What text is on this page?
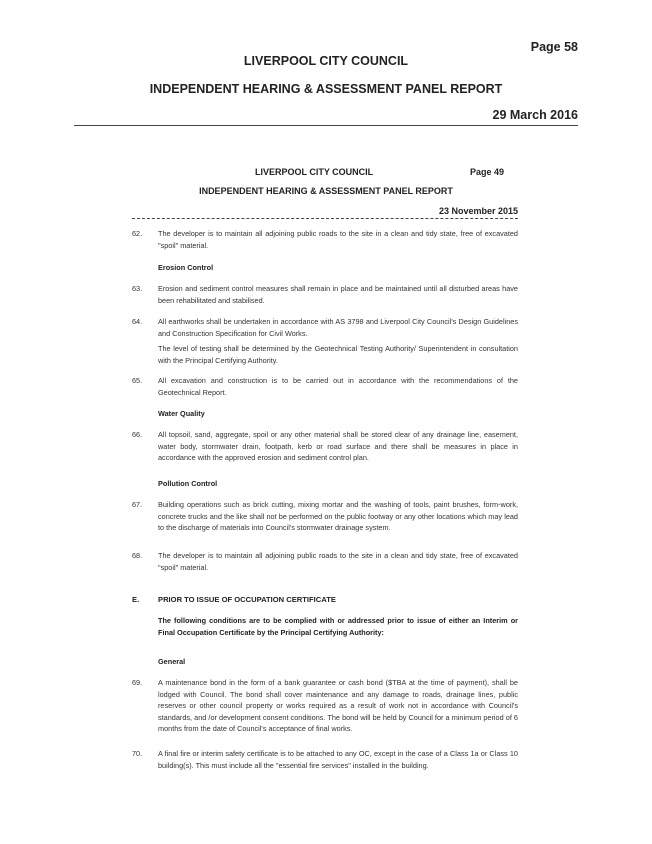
Page 58
LIVERPOOL CITY COUNCIL
INDEPENDENT HEARING & ASSESSMENT PANEL REPORT
29 March 2016
LIVERPOOL CITY COUNCIL	Page 49
INDEPENDENT HEARING & ASSESSMENT PANEL REPORT
23 November 2015
62. The developer is to maintain all adjoining public roads to the site in a clean and tidy state, free of excavated "spoil" material.
Erosion Control
63. Erosion and sediment control measures shall remain in place and be maintained until all disturbed areas have been rehabilitated and stabilised.
64. All earthworks shall be undertaken in accordance with AS 3798 and Liverpool City Council's Design Guidelines and Construction Specification for Civil Works.
The level of testing shall be determined by the Geotechnical Testing Authority/ Superintendent in consultation with the Principal Certifying Authority.
65. All excavation and construction is to be carried out in accordance with the recommendations of the Geotechnical Report.
Water Quality
66. All topsoil, sand, aggregate, spoil or any other material shall be stored clear of any drainage line, easement, water body, stormwater drain, footpath, kerb or road surface and there shall be measures in place in accordance with the approved erosion and sediment control plan.
Pollution Control
67. Building operations such as brick cutting, mixing mortar and the washing of tools, paint brushes, form-work, concrete trucks and the like shall not be performed on the public footway or any other locations which may lead to the discharge of materials into Council's stormwater drainage system.
68. The developer is to maintain all adjoining public roads to the site in a clean and tidy state, free of excavated "spoil" material.
E. PRIOR TO ISSUE OF OCCUPATION CERTIFICATE
The following conditions are to be complied with or addressed prior to issue of either an Interim or Final Occupation Certificate by the Principal Certifying Authority:
General
69. A maintenance bond in the form of a bank guarantee or cash bond ($TBA at the time of payment), shall be lodged with Council. The bond shall cover maintenance and any damage to roads, drainage lines, public reserves or other council property or works required as a result of work not in accordance with Council's standards, and /or development consent conditions. The bond will be held by Council for a minimum period of 6 months from the date of Council's acceptance of final works.
70. A final fire or interim safety certificate is to be attached to any OC, except in the case of a Class 1a or Class 10 building(s). This must include all the "essential fire services" installed in the building.
